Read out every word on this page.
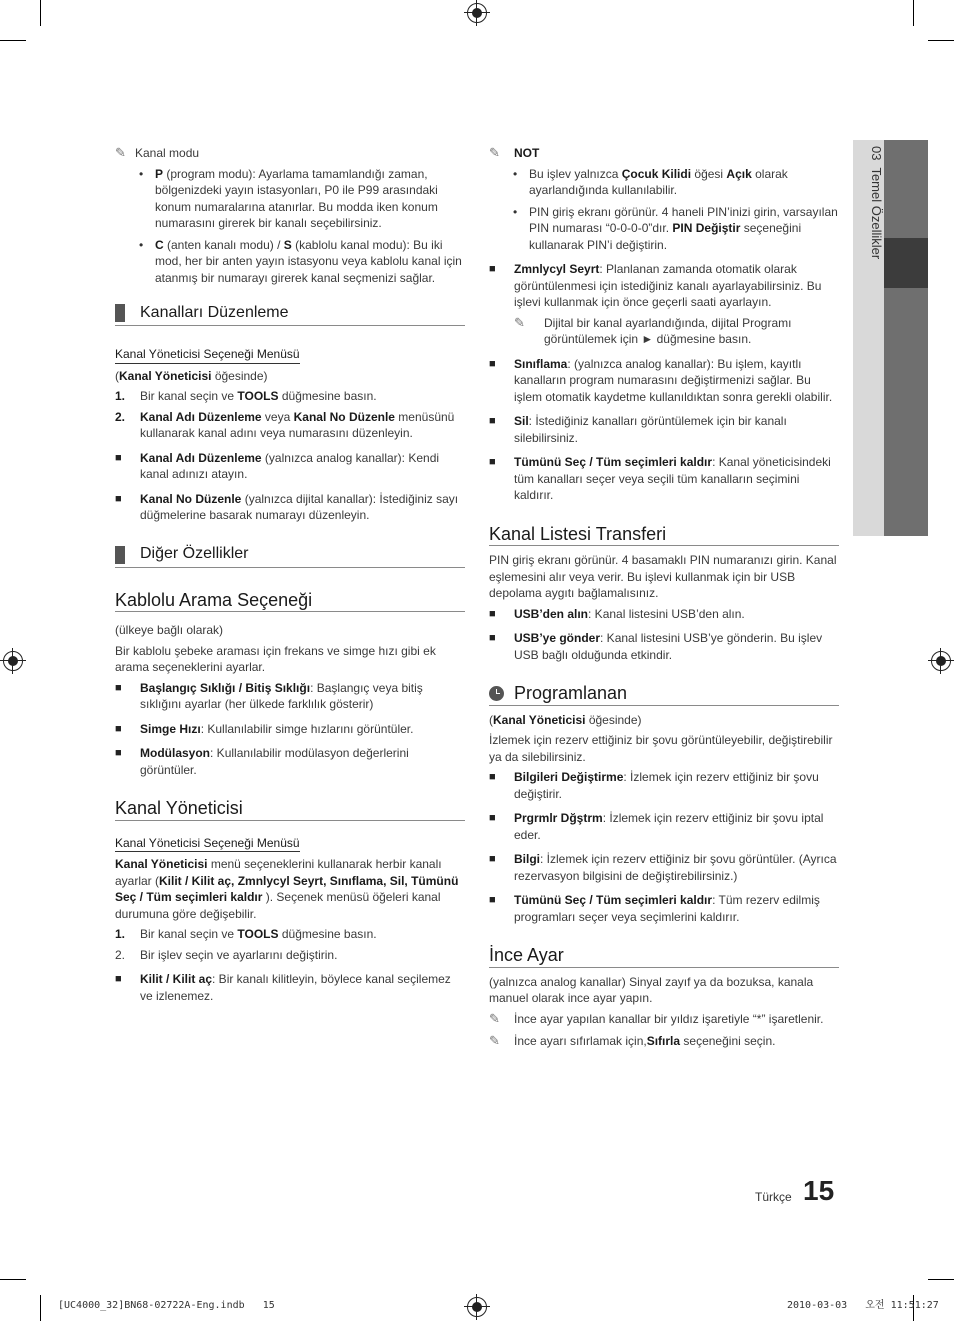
03  Temel Özellikler
✎ Kanal modu
• P (program modu): Ayarlama tamamlandığı zaman, bölgenizdeki yayın istasyonları, P0 ile P99 arasındaki konum numaralarına atanırlar. Bu modda iken konum numarasını girerek bir kanalı seçebilirsiniz.
• C (anten kanalı modu) / S (kablolu kanal modu): Bu iki mod, her bir anten yayın istasyonu veya kablolu kanal için atanmış bir numarayı girerek kanal seçmenizi sağlar.
Kanalları Düzenleme
Kanal Yöneticisi Seçeneği Menüsü
(Kanal Yöneticisi öğesinde)
1.	Bir kanal seçin ve TOOLS düğmesine basın.
2.	Kanal Adı Düzenleme veya Kanal No Düzenle menüsünü kullanarak kanal adını veya numarasını düzenleyin.
■	Kanal Adı Düzenleme (yalnızca analog kanallar): Kendi kanal adınızı atayın.
■	Kanal No Düzenle (yalnızca dijital kanallar): İstediğiniz sayı düğmelerine basarak numarayı düzenleyin.
Diğer Özellikler
Kablolu Arama Seçeneği
(ülkeye bağlı olarak)
Bir kablolu şebeke araması için frekans ve simge hızı gibi ek arama seçeneklerini ayarlar.
■	Başlangıç Sıklığı / Bitiş Sıklığı: Başlangıç veya bitiş sıklığını ayarlar (her ülkede farklılık gösterir)
■	Simge Hızı: Kullanılabilir simge hızlarını görüntüler.
■	Modülasyon: Kullanılabilir modülasyon değerlerini görüntüler.
Kanal Yöneticisi
Kanal Yöneticisi Seçeneği Menüsü
Kanal Yöneticisi menü seçeneklerini kullanarak herbir kanalı ayarlar (Kilit / Kilit aç, Zmnlycyl Seyrt, Sınıflama, Sil, Tümünü Seç / Tüm seçimleri kaldır ). Seçenek menüsü öğeleri kanal durumuna göre değişebilir.
1.	Bir kanal seçin ve TOOLS düğmesine basın.
2.	Bir işlev seçin ve ayarlarını değiştirin.
■	Kilit / Kilit aç: Bir kanalı kilitleyin, böylece kanal seçilemez ve izlenemez.
✎	NOT
• Bu işlev yalnızca Çocuk Kilidi öğesi Açık olarak ayarlandığında kullanılabilir.
• PIN giriş ekranı görünür. 4 haneli PIN’inizi girin, varsayılan PIN numarası “0-0-0-0”dır. PIN Değiştir seçeneğini kullanarak PIN’i değiştirin.
■	Zmnlycyl Seyrt: Planlanan zamanda otomatik olarak görüntülenmesi için istediğiniz kanalı ayarlayabilirsiniz. Bu işlevi kullanmak için önce geçerli saati ayarlayın.
✎	Dijital bir kanal ayarlandığında, dijital Programı görüntülemek için ► düğmesine basın.
■	Sınıflama: (yalnızca analog kanallar): Bu işlem, kayıtlı kanalların program numarasını değiştirmenizi sağlar. Bu işlem otomatik kaydetme kullanıldıktan sonra gerekli olabilir.
■	Sil: İstediğiniz kanalları görüntülemek için bir kanalı silebilirsiniz.
■	Tümünü Seç / Tüm seçimleri kaldır: Kanal yöneticisindeki tüm kanalları seçer veya seçili tüm kanalların seçimini kaldırır.
Kanal Listesi Transferi
PIN giriş ekranı görünür. 4 basamaklı PIN numaranızı girin. Kanal eşlemesini alır veya verir. Bu işlevi kullanmak için bir USB depolama aygıtı bağlamalısınız.
■	USB’den alın: Kanal listesini USB’den alın.
■	USB’ye gönder: Kanal listesini USB’ye gönderin. Bu işlev USB bağlı olduğunda etkindir.
Programlanan
(Kanal Yöneticisi öğesinde)
İzlemek için rezerv ettiğiniz bir şovu görüntüleyebilir, değiştirebilir ya da silebilirsiniz.
■	Bilgileri Değiştirme: İzlemek için rezerv ettiğiniz bir şovu değiştirir.
■	Prgrmlr Dğştrm: İzlemek için rezerv ettiğiniz bir şovu iptal eder.
■	Bilgi: İzlemek için rezerv ettiğiniz bir şovu görüntüler. (Ayrıca rezervasyon bilgisini de değiştirebilirsiniz.)
■	Tümünü Seç / Tüm seçimleri kaldır: Tüm rezerv edilmiş programları seçer veya seçimlerini kaldırır.
İnce Ayar
(yalnızca analog kanallar) Sinyal zayıf ya da bozuksa, kanala manuel olarak ince ayar yapın.
✎	İnce ayar yapılan kanallar bir yıldız işaretiyle “*” işaretlenir.
✎	İnce ayarı sıfırlamak için,Sıfırla seçeneğini seçin.
Türkçe 15
[UC4000_32]BN68-02722A-Eng.indb   15	2010-03-03   오전 11:51:27
